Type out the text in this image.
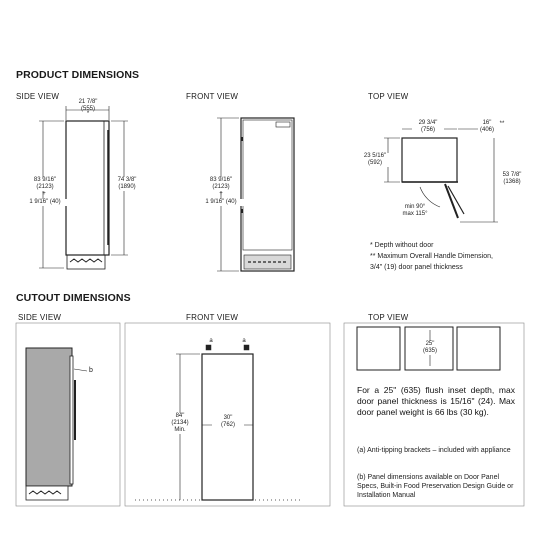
PRODUCT DIMENSIONS
SIDE VIEW
21 7/8"
(555)
*
83 9/16"
(2123)
+
1 9/16" (40)
74 3/8"
(1890)
FRONT VIEW
83 9/16"
(2123)
+
1 9/16" (40)
TOP VIEW
29 3/4"
(756)
16"
(406)
**
23 5/16"
(592)
53 7/8"
(1368)
min 90°
max 115°
* Depth without door
** Maximum Overall Handle Dimension,
3/4" (19) door panel thickness
CUTOUT DIMENSIONS
SIDE VIEW
b
FRONT VIEW
a	a
84"
(2134)
Min.
30"
(762)
TOP VIEW
25"
(635)
For a 25" (635) flush inset depth, max door panel thickness is 15/16" (24). Max door panel weight is 66 lbs (30 kg).
(a) Anti-tipping brackets – included with appliance
(b) Panel dimensions available on Door Panel Specs, Built-in Food Preservation Design Guide or Installation Manual
